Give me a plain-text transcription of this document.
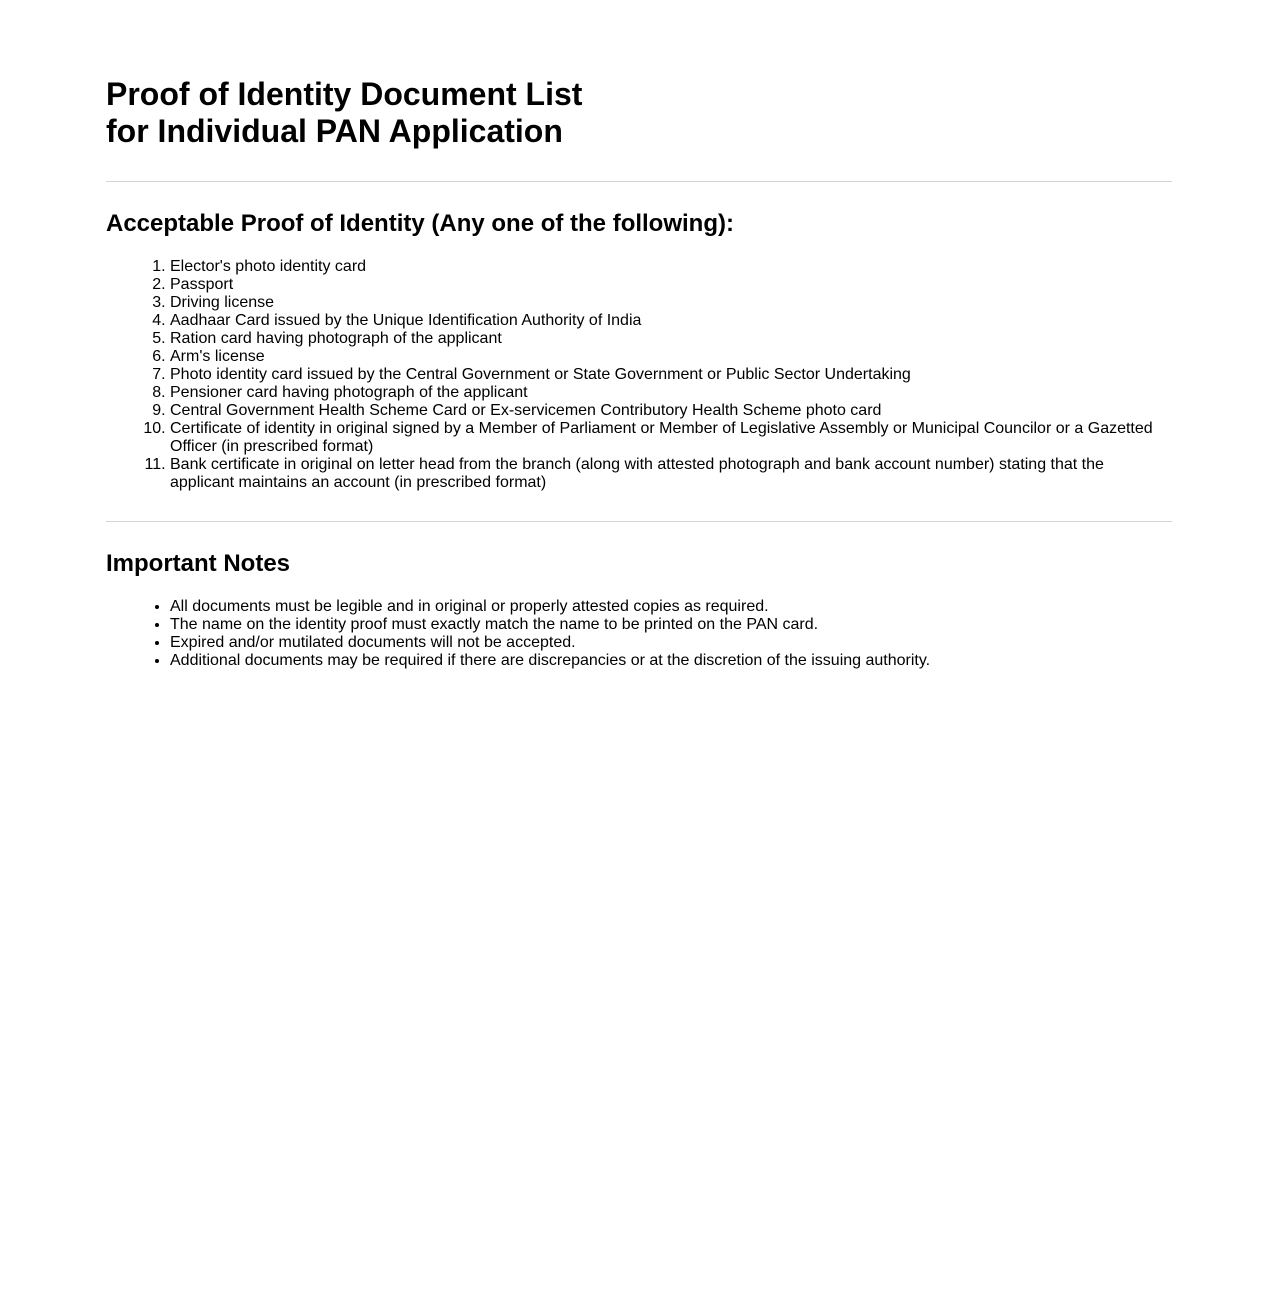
Proof of Identity Document List
for Individual PAN Application
Acceptable Proof of Identity (Any one of the following):
1. Elector's photo identity card
2. Passport
3. Driving license
4. Aadhaar Card issued by the Unique Identification Authority of India
5. Ration card having photograph of the applicant
6. Arm's license
7. Photo identity card issued by the Central Government or State Government or Public Sector Undertaking
8. Pensioner card having photograph of the applicant
9. Central Government Health Scheme Card or Ex-servicemen Contributory Health Scheme photo card
10. Certificate of identity in original signed by a Member of Parliament or Member of Legislative Assembly or Municipal Councilor or a Gazetted Officer (in prescribed format)
11. Bank certificate in original on letter head from the branch (along with attested photograph and bank account number) stating that the applicant maintains an account (in prescribed format)
Important Notes
• All documents must be legible and in original or properly attested copies as required.
• The name on the identity proof must exactly match the name to be printed on the PAN card.
• Expired and/or mutilated documents will not be accepted.
• Additional documents may be required if there are discrepancies or at the discretion of the issuing authority.
